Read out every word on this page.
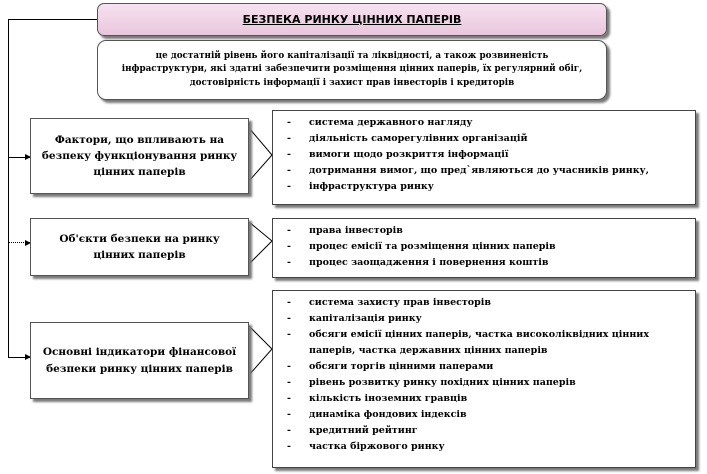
БЕЗПЕКА РИНКУ ЦІННИХ ПАПЕРІВ
це достатній рівень його капіталізації та ліквідності, а також розвиненість інфраструктури, які здатні забезпечити розміщення цінних паперів, їх регулярний обіг, достовірність інформації і захист прав інвесторів і кредиторів
Фактори, що впливають на безпеку функціонування ринку цінних паперів
Об'єкти безпеки на ринку цінних паперів
Основні індикатори фінансової безпеки ринку цінних паперів
- система державного нагляду
- діяльність саморегулівних організацій
- вимоги щодо розкриття інформації
- дотримання вимог, що пред`являються до учасників ринку,
- інфраструктура ринку
- права інвесторів
- процес емісії та розміщення цінних паперів
- процес заощадження і повернення коштів
- система захисту прав інвесторів
- капіталізація ринку
- обсяги емісії цінних паперів, частка високоліквідних цінних паперів, частка державних цінних паперів
- обсяги торгів цінними паперами
- рівень розвитку ринку похідних цінних паперів
- кількість іноземних гравців
- динаміка фондових індексів
- кредитний рейтинг
- частка біржового ринку
